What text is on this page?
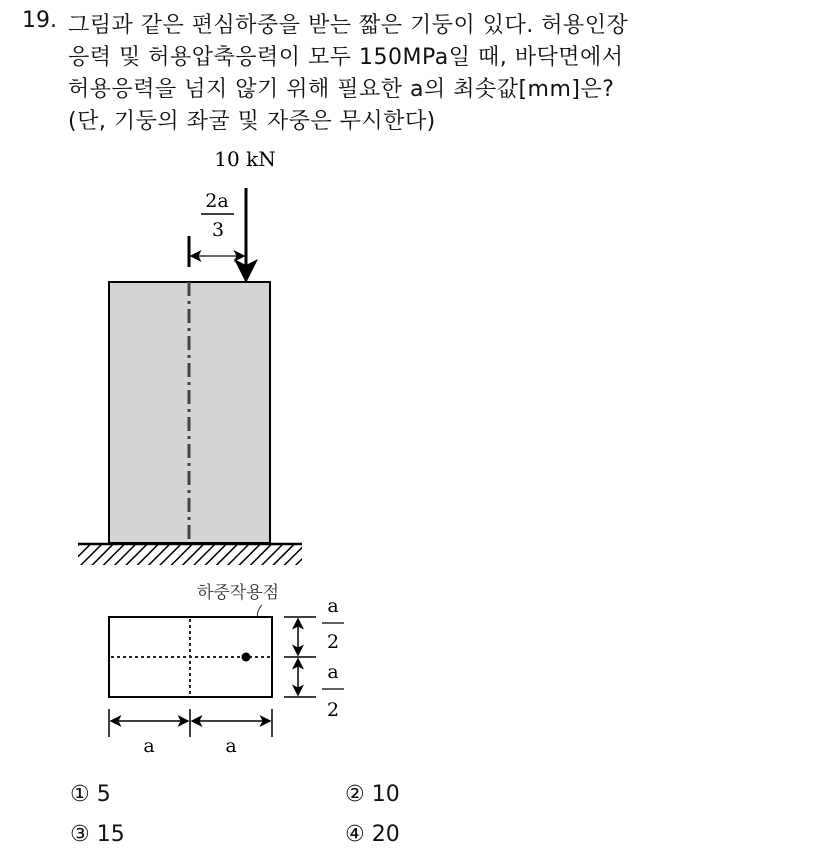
19. 그림과 같은 편심하중을 받는 짧은 기둥이 있다. 허용인장
응력 및 허용압축응력이 모두 150MPa일 때, 바닥면에서
허용응력을 넘지 않기 위해 필요한 a의 최솟값[mm]은?
(단, 기둥의 좌굴 및 자중은 무시한다)
10 kN
2a
3
하중작용점
a
2
a
2
a	a
① 5	② 10
③ 15	④ 20
